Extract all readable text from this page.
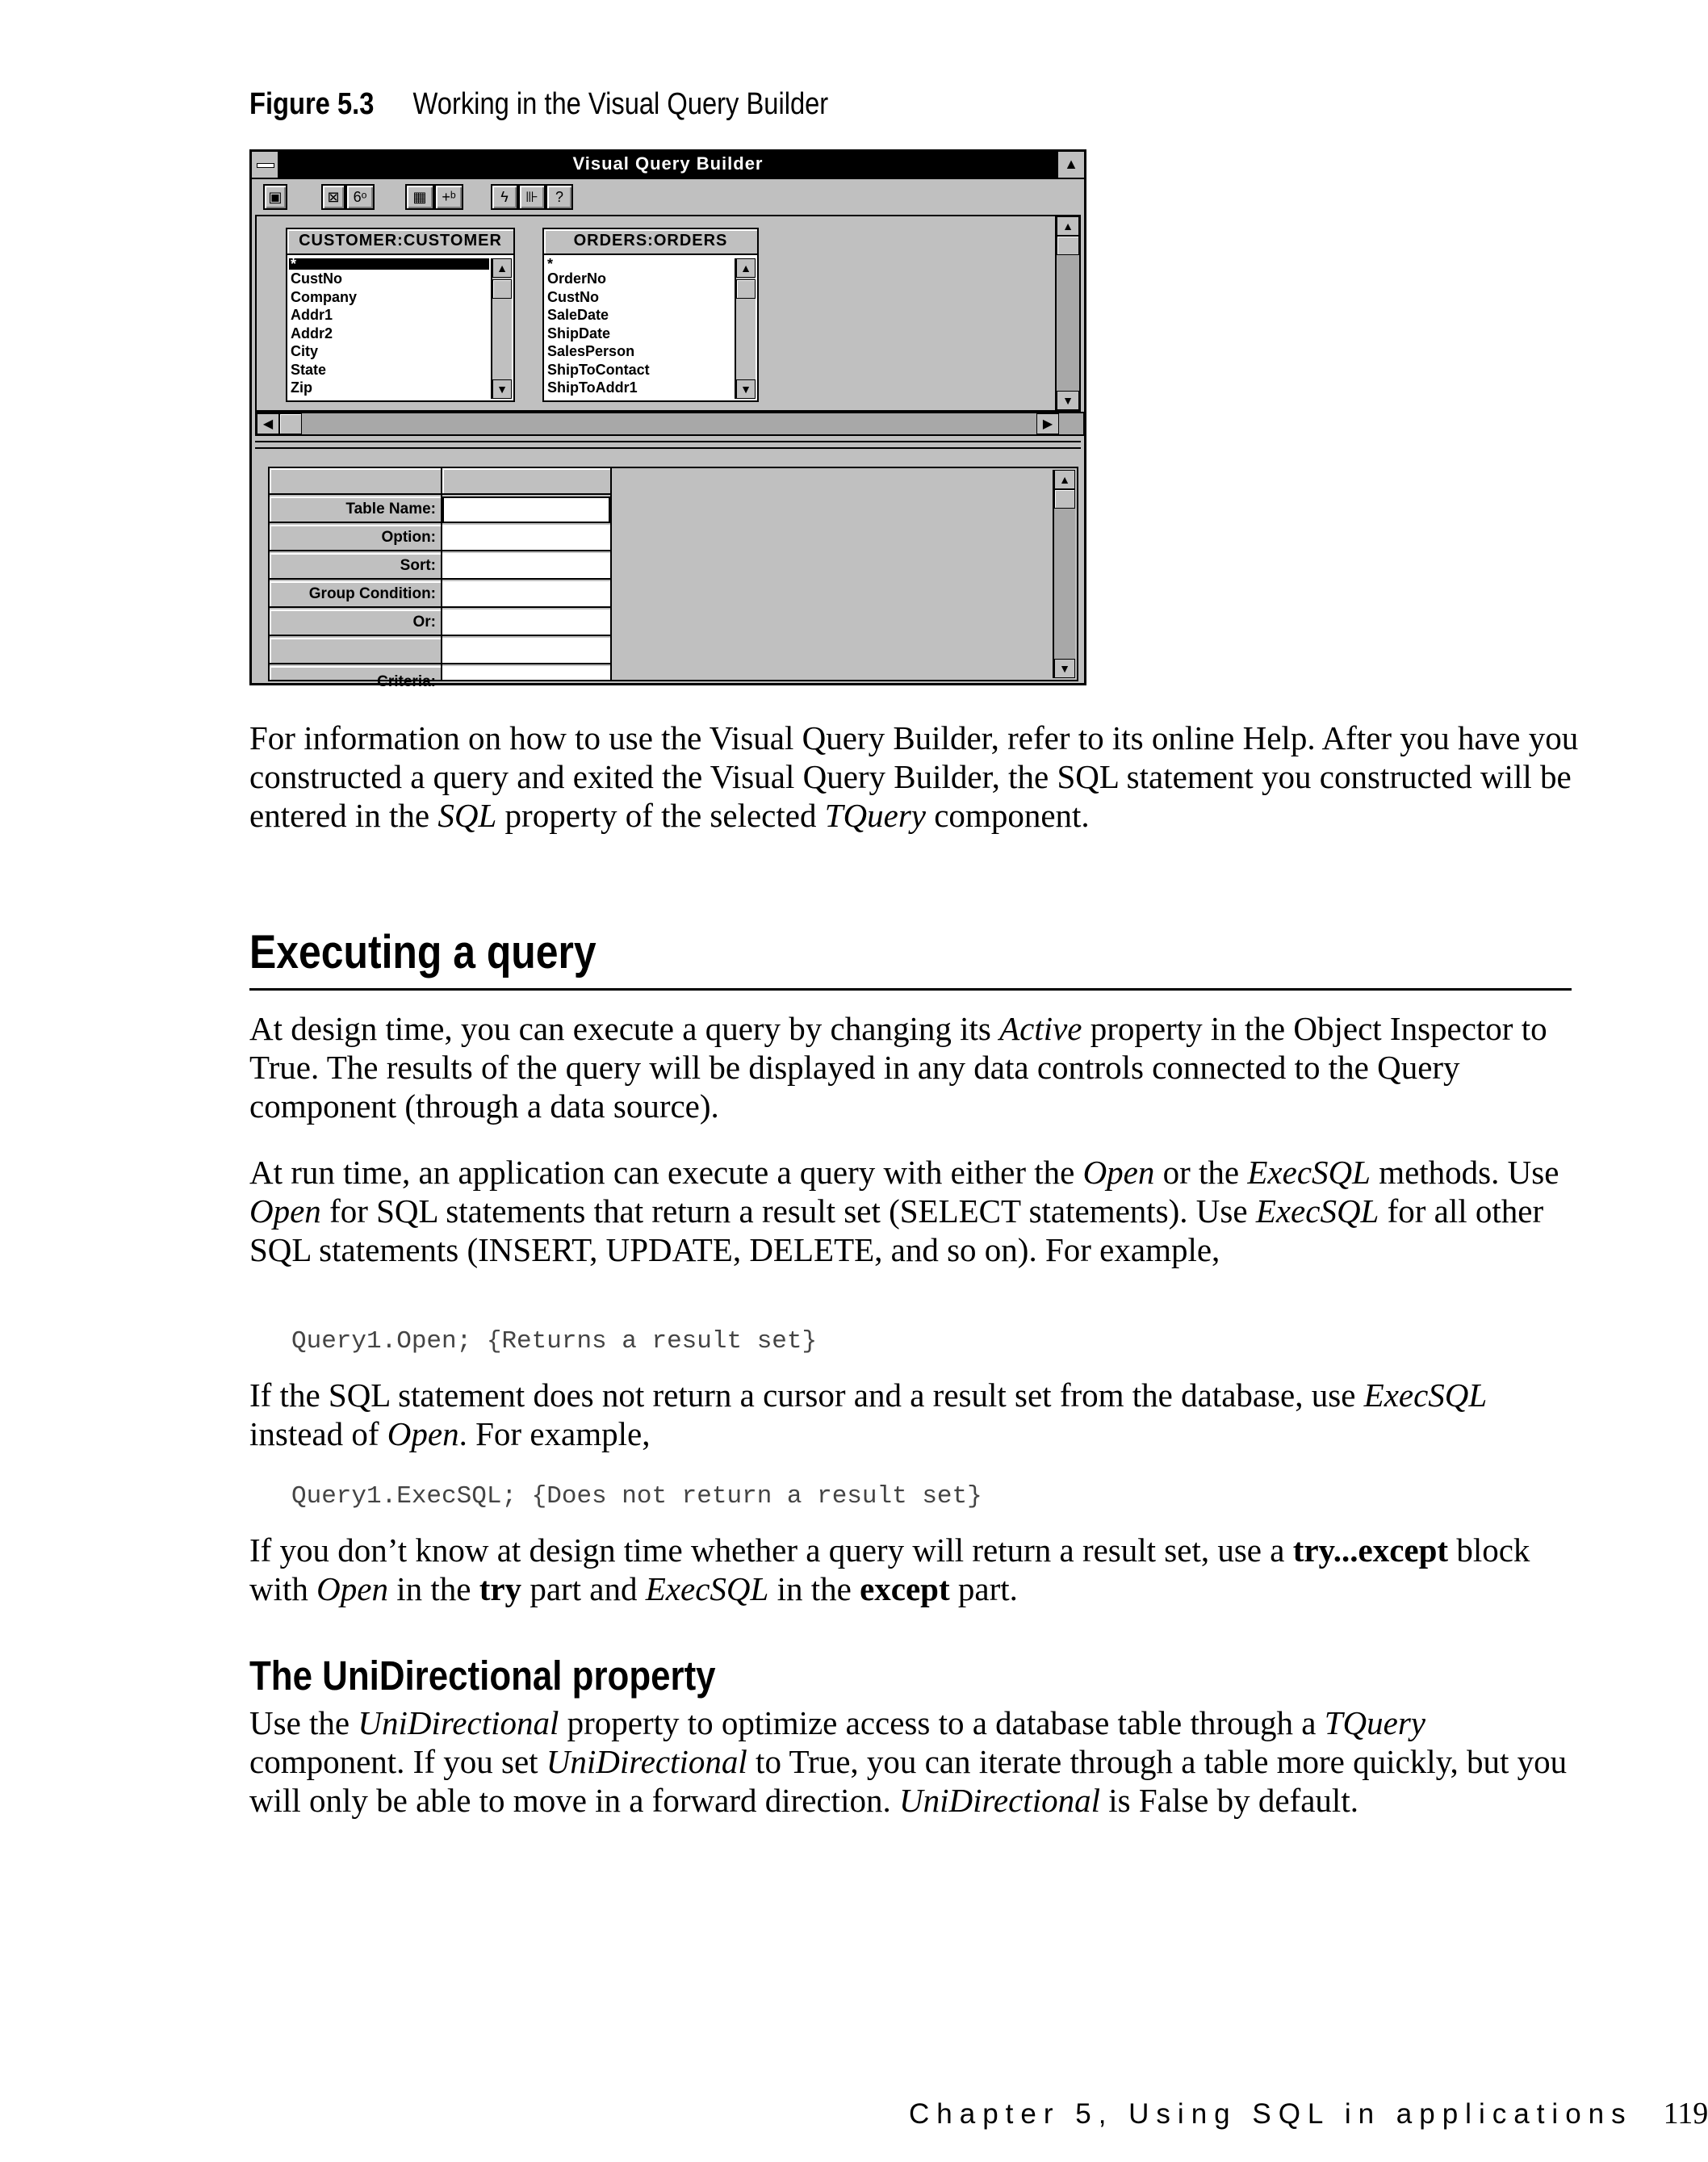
Figure 5.3 Working in the Visual Query Builder
Visual Query Builder	▲
▣	⊠ 6ᵒ	▦	+ᵇ	ϟ	⊪	?
CUSTOMER:CUSTOMER
*
CustNo
Company
Addr1
Addr2
City
State
Zip
▲
▼
ORDERS:ORDERS
*
OrderNo
CustNo
SaleDate
ShipDate
SalesPerson
ShipToContact
ShipToAddr1
▲
▼
▲
▼
◀	▶
Table Name:
Option:
Sort:
Group Condition:
Or:
Criteria:
▲
▼
For information on how to use the Visual Query Builder, refer to its online Help. After you have you constructed a query and exited the Visual Query Builder, the SQL statement you constructed will be entered in the SQL property of the selected TQuery component.
Executing a query
At design time, you can execute a query by changing its Active property in the Object Inspector to True. The results of the query will be displayed in any data controls connected to the Query component (through a data source).
At run time, an application can execute a query with either the Open or the ExecSQL methods. Use Open for SQL statements that return a result set (SELECT statements). Use ExecSQL for all other SQL statements (INSERT, UPDATE, DELETE, and so on). For example,
Query1.Open; {Returns a result set}
If the SQL statement does not return a cursor and a result set from the database, use ExecSQL instead of Open. For example,
Query1.ExecSQL; {Does not return a result set}
If you don’t know at design time whether a query will return a result set, use a try...except block with Open in the try part and ExecSQL in the except part.
The UniDirectional property
Use the UniDirectional property to optimize access to a database table through a TQuery component. If you set UniDirectional to True, you can iterate through a table more quickly, but you will only be able to move in a forward direction. UniDirectional is False by default.
Chapter 5, Using SQL in applications 119
